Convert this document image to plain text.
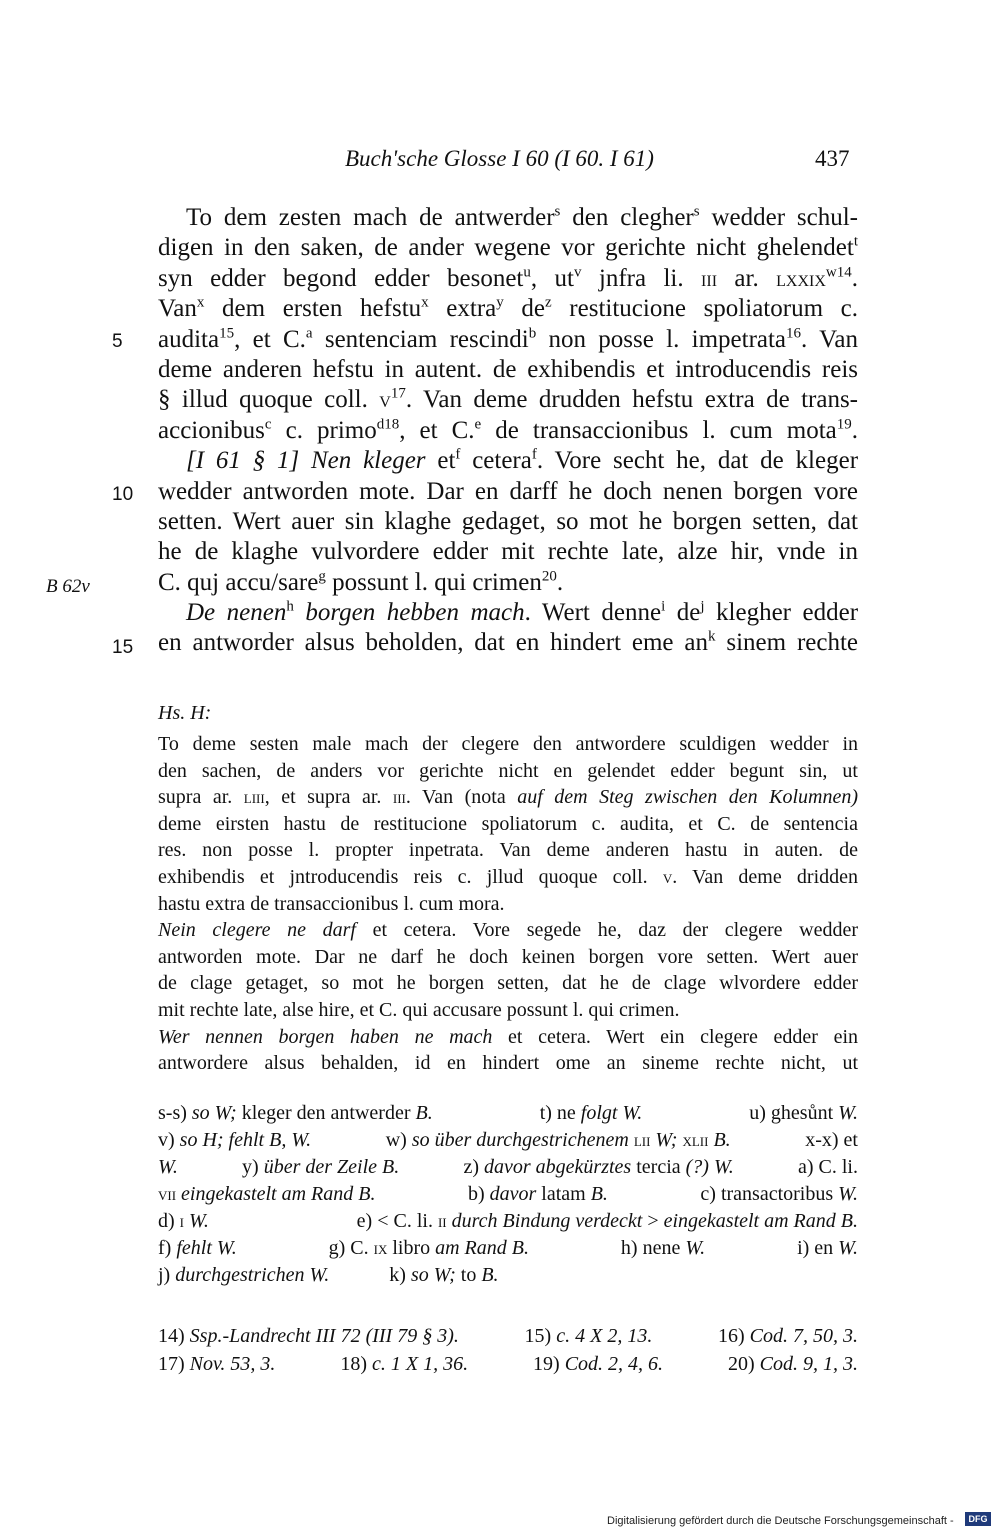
Buch'sche Glosse I 60 (I 60. I 61)	437
5
10
B 62v
15
To dem zesten mach de antwerder$^s$ den clegher$^s$ wedder schul-
digen in den saken, de ander wegene vor gerichte nicht ghelendet$^t$
syn edder begond edder besonet$^u$, $ut^v$ jnfra li. iii ar. lxxix$^{w14}$.
Van$^x$ dem ersten hefstu$^x$ extra$^y$ $de^z$ restitucione spoliatorum c.
audita$^{15}$, et C.$^a$ sentenciam rescindi$^b$ non posse l. impetrata$^{16}$. Van
deme anderen hefstu in autent. de exhibendis et introducendis reis
§ illud quoque coll. $v^{17}$. Van deme drudden hefstu extra de trans-
accionibus$^c$ c. primo$^{d18}$, et C.$^e$ de transaccionibus l. cum mota$^{19}$.
[I 61 § 1] Nen kleger $et^f$ cetera$^f$. Vore secht he, dat de kleger
wedder antworden mote. Dar en darff he doch nenen borgen vore
setten. Wert auer sin klaghe gedaget, so mot he borgen setten, dat
he de klaghe vulvordere edder mit rechte late, alze hir, vnde in
C. quj accu/sare$^g$ possunt l. qui crimen$^{20}$.
De nenen$^h$ borgen hebben mach. Wert denne$^i$ $de^j$ klegher edder
en antworder alsus beholden, dat en hindert eme $an^k$ sinem rechte
Hs. H:
To deme sesten male mach der clegere den antwordere sculdigen wedder in
den sachen, de anders vor gerichte nicht en gelendet edder begunt sin, ut
supra ar. liii, et supra ar. iii. Van (nota auf dem Steg zwischen den Kolumnen)
deme eirsten hastu de restitucione spoliatorum c. audita, et C. de sentencia
res. non posse l. propter inpetrata. Van deme anderen hastu in auten. de
exhibendis et jntroducendis reis c. jllud quoque coll. v. Van deme dridden
hastu extra de transaccionibus l. cum mora.
Nein clegere ne darf et cetera. Vore segede he, daz der clegere wedder
antworden mote. Dar ne darf he doch keinen borgen vore setten. Wert auer
de clage getaget, so mot he borgen setten, dat he de clage wlvordere edder
mit rechte late, alse hire, et C. qui accusare possunt l. qui crimen.
Wer nennen borgen haben ne mach et cetera. Wert ein clegere edder ein
antwordere alsus behalden, id en hindert ome an sineme rechte nicht, ut
s-s) so W; kleger den antwerder B.	t) ne folgt W.	u) ghesůnt W.
v) so H; fehlt B, W.	w) so über durchgestrichenem lii W; xlii B.	x-x) et
W.	y) über der Zeile B.	z) davor abgekürztes tercia (?) W.	a) C. li.
vii eingekastelt am Rand B.	b) davor latam B.	c) transactoribus W.
d) i W.	e) < C. li. ii durch Bindung verdeckt > eingekastelt am Rand B.
f) fehlt W.	g) C. ix libro am Rand B.	h) nene W.	i) en W.
j) durchgestrichen W.	k) so W; to B.
14) Ssp.-Landrecht III 72 (III 79 § 3).	15) c. 4 X 2, 13.	16) Cod. 7, 50, 3.
17) Nov. 53, 3.	18) c. 1 X 1, 36.	19) Cod. 2, 4, 6.	20) Cod. 9, 1, 3.
Digitalisierung gefördert durch die Deutsche Forschungsgemeinschaft -	DFG
